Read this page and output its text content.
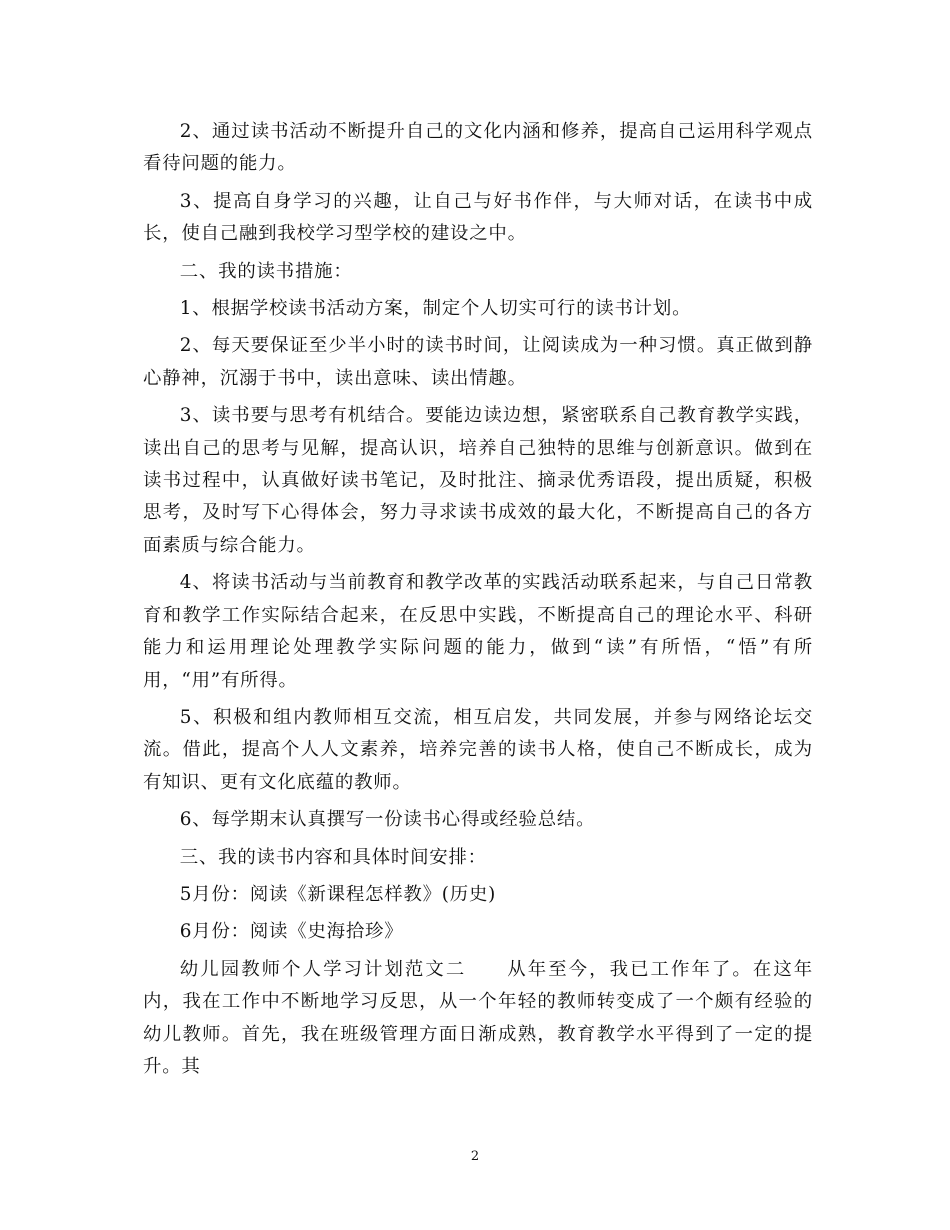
2、通过读书活动不断提升自己的文化内涵和修养，提高自己运用科学观点看待问题的能力。

3、提高自身学习的兴趣，让自己与好书作伴，与大师对话，在读书中成长，使自己融到我校学习型学校的建设之中。

二、我的读书措施：

1、根据学校读书活动方案，制定个人切实可行的读书计划。

2、每天要保证至少半小时的读书时间，让阅读成为一种习惯。真正做到静心静神，沉溺于书中，读出意味、读出情趣。

3、读书要与思考有机结合。要能边读边想，紧密联系自己教育教学实践，读出自己的思考与见解，提高认识，培养自己独特的思维与创新意识。做到在读书过程中，认真做好读书笔记，及时批注、摘录优秀语段，提出质疑，积极思考，及时写下心得体会，努力寻求读书成效的最大化，不断提高自己的各方面素质与综合能力。

4、将读书活动与当前教育和教学改革的实践活动联系起来，与自己日常教育和教学工作实际结合起来，在反思中实践，不断提高自己的理论水平、科研能力和运用理论处理教学实际问题的能力，做到“读”有所悟，“悟”有所用，“用”有所得。

5、积极和组内教师相互交流，相互启发，共同发展，并参与网络论坛交流。借此，提高个人人文素养，培养完善的读书人格，使自己不断成长，成为有知识、更有文化底蕴的教师。

6、每学期末认真撰写一份读书心得或经验总结。

三、我的读书内容和具体时间安排：

5月份：阅读《新课程怎样教》(历史)

6月份：阅读《史海拾珍》

幼儿园教师个人学习计划范文二　　从年至今，我已工作年了。在这年内，我在工作中不断地学习反思，从一个年轻的教师转变成了一个颇有经验的幼儿教师。首先，我在班级管理方面日渐成熟，教育教学水平得到了一定的提升。其

2
